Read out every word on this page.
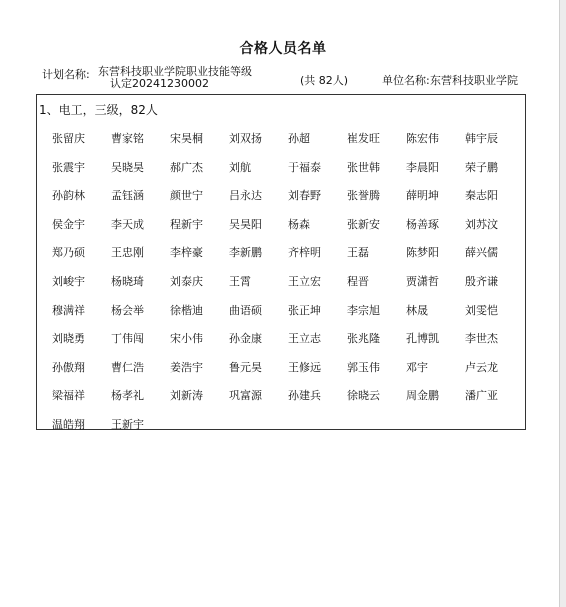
合格人员名单
计划名称: 东营科技职业学院职业技能等级
认定20241230002	(共 82人)	单位名称: 东营科技职业学院
1、电工，三级，82人
张留庆	曹家铭	宋昊桐	刘双扬	孙超	崔发旺	陈宏伟	韩宇辰
张震宇	吴晓昊	郝广杰	刘航	于福泰	张世韩	李晨阳	荣子鹏
孙韵林	孟钰涵	颜世宁	吕永达	刘春野	张誉腾	薛明坤	秦志阳
侯金宇	李天成	程新宇	吴昊阳	杨森	张新安	杨善琢	刘苏汶
郑乃硕	王忠刚	李梓豪	李新鹏	齐梓明	王磊	陈梦阳	薛兴儒
刘峻宇	杨晓琦	刘泰庆	王霄	王立宏	程晋	贾潇哲	殷齐谦
穆满祥	杨会举	徐楷迪	曲语硕	张正坤	李宗旭	林晟	刘雯恺
刘晓勇	丁伟闯	宋小伟	孙金康	王立志	张兆隆	孔博凯	李世杰
孙傲翔	曹仁浩	姜浩宇	鲁元昊	王修远	郭玉伟	邓宇	卢云龙
梁福祥	杨孝礼	刘新涛	巩富源	孙建兵	徐晓云	周金鹏	潘广亚
温皓翔	王新宇
